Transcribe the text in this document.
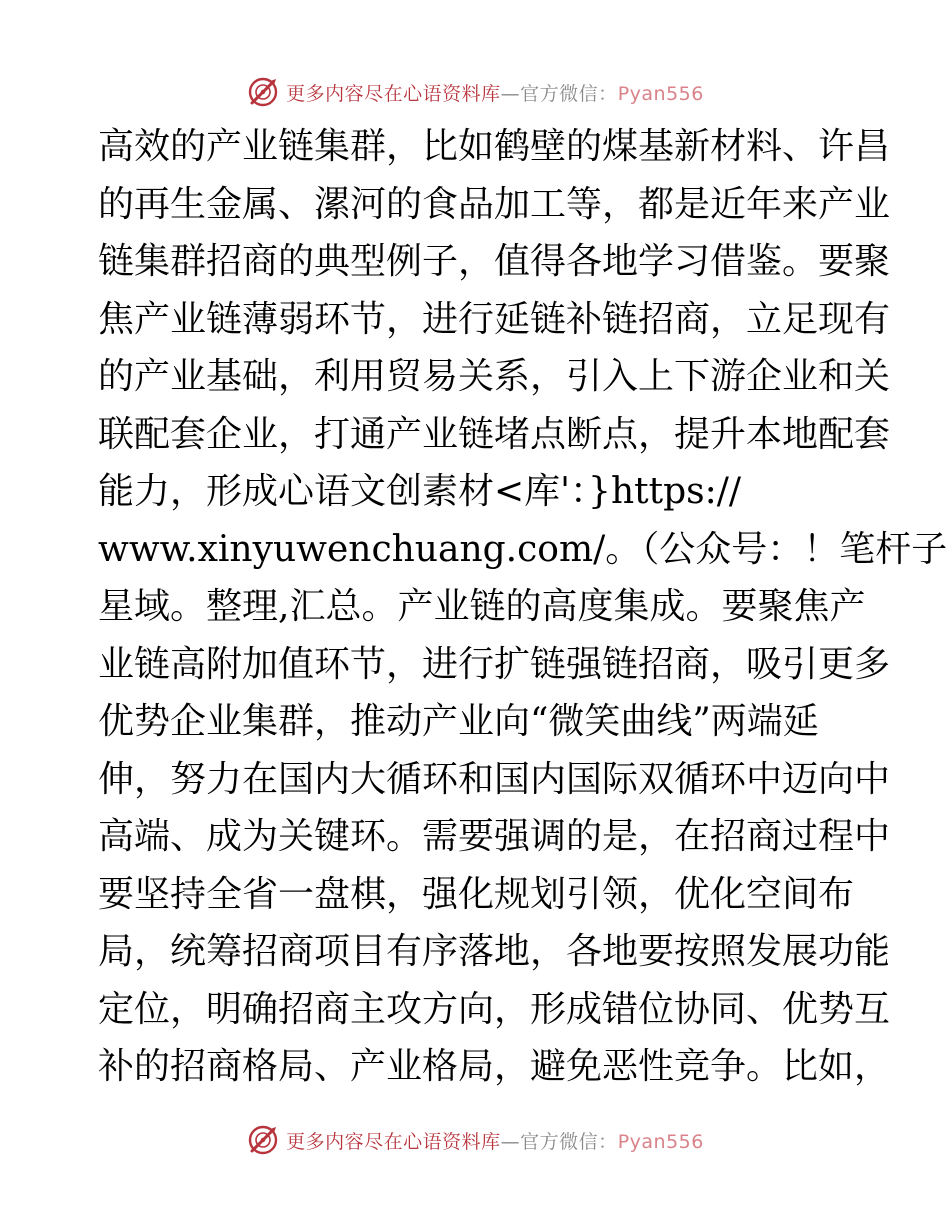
更多内容尽在心语资料库—官方微信：Pyan556
高效的产业链集群，比如鹤壁的煤基新材料、许昌
的再生金属、漯河的食品加工等，都是近年来产业
链集群招商的典型例子，值得各地学习借鉴。要聚
焦产业链薄弱环节，进行延链补链招商，立足现有
的产业基础，利用贸易关系，引入上下游企业和关
联配套企业，打通产业链堵点断点，提升本地配套
能力，形成心语文创素材<库'：}https://
www.xinyuwenchuang.com/。（公众号：！笔杆子
星域。整理,汇总。产业链的高度集成。要聚焦产
业链高附加值环节，进行扩链强链招商，吸引更多
优势企业集群，推动产业向“微笑曲线”两端延
伸，努力在国内大循环和国内国际双循环中迈向中
高端、成为关键环。需要强调的是，在招商过程中
要坚持全省一盘棋，强化规划引领，优化空间布
局，统筹招商项目有序落地，各地要按照发展功能
定位，明确招商主攻方向，形成错位协同、优势互
补的招商格局、产业格局，避免恶性竞争。比如，
更多内容尽在心语资料库—官方微信：Pyan556
